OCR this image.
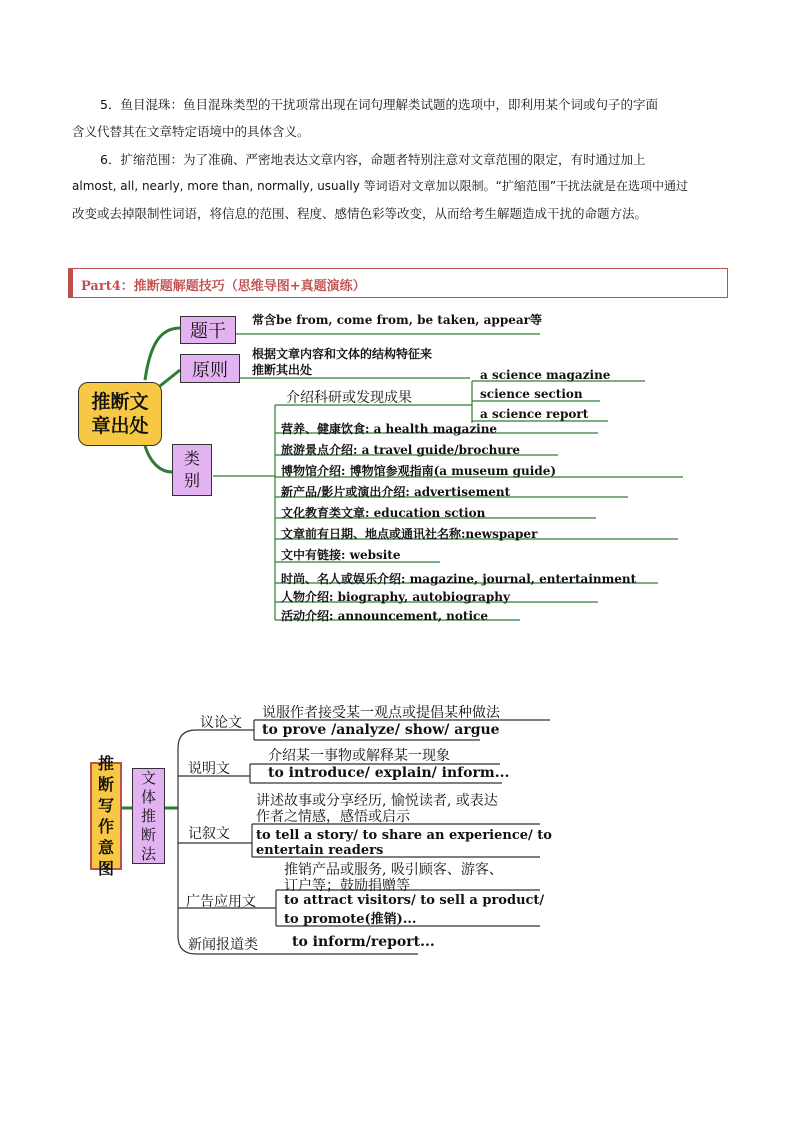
5．鱼目混珠：鱼目混珠类型的干扰项常出现在词句理解类试题的选项中，即利用某个词或句子的字面
含义代替其在文章特定语境中的具体含义。
6．扩缩范围：为了准确、严密地表达文章内容，命题者特别注意对文章范围的限定，有时通过加上
almost, all, nearly, more than, normally, usually 等词语对文章加以限制。“扩缩范围”干扰法就是在选项中通过
改变或去掉限制性词语，将信息的范围、程度、感情色彩等改变，从而给考生解题造成干扰的命题方法。
Part4：推断题解题技巧（思维导图+真题演练）
推断文章出处
题干
常含be from, come from, be taken, appear等
原则
根据文章内容和文体的结构特征来
推断其出处
类别
介绍科研或发现成果
a science magazine
science section
a science report
营养、健康饮食: a health magazine
旅游景点介绍: a travel guide/brochure
博物馆介绍: 博物馆参观指南(a museum guide)
新产品/影片或演出介绍: advertisement
文化教育类文章: education sction
文章前有日期、地点或通讯社名称:newspaper
文中有链接: website
时尚、名人或娱乐介绍: magazine, journal, entertainment
人物介绍: biography, autobiography
活动介绍: announcement, notice
推断写作意图
文体推断法
议论文
说服作者接受某一观点或提倡某种做法
to prove /analyze/ show/ argue
说明文
介绍某一事物或解释某一现象
to introduce/ explain/ inform...
记叙文
讲述故事或分享经历, 愉悦读者, 或表达
作者之情感，感悟或启示
to tell a story/ to share an experience/ to
entertain readers
广告应用文
推销产品或服务, 吸引顾客、游客、
订户等；鼓励捐赠等
to attract visitors/ to sell a product/
to promote(推销)...
新闻报道类 to inform/report...
